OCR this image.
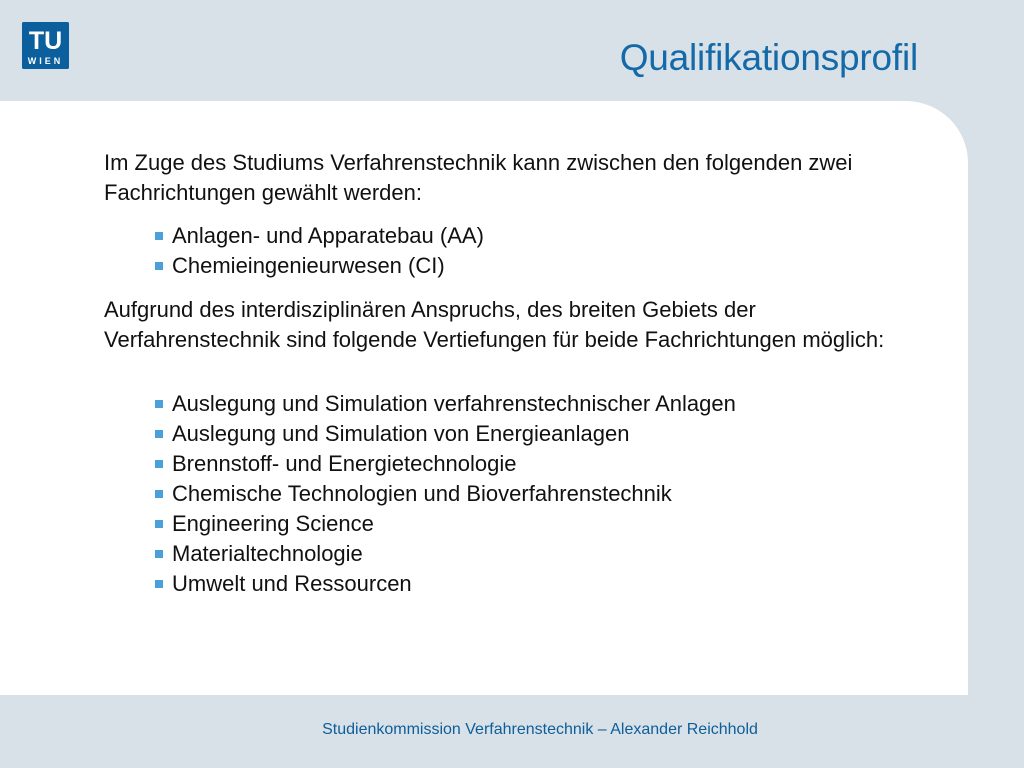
TU
WIEN	Qualifikationsprofil

Im Zuge des Studiums Verfahrenstechnik kann zwischen den folgenden zwei Fachrichtungen gewählt werden:

Anlagen- und Apparatebau (AA)
Chemieingenieurwesen (CI)

Aufgrund des interdisziplinären Anspruchs, des breiten Gebiets der Verfahrenstechnik sind folgende Vertiefungen für beide Fachrichtungen möglich:

Auslegung und Simulation verfahrenstechnischer Anlagen
Auslegung und Simulation von Energieanlagen
Brennstoff- und Energietechnologie
Chemische Technologien und Bioverfahrenstechnik
Engineering Science
Materialtechnologie
Umwelt und Ressourcen
Studienkommission Verfahrenstechnik – Alexander Reichhold
